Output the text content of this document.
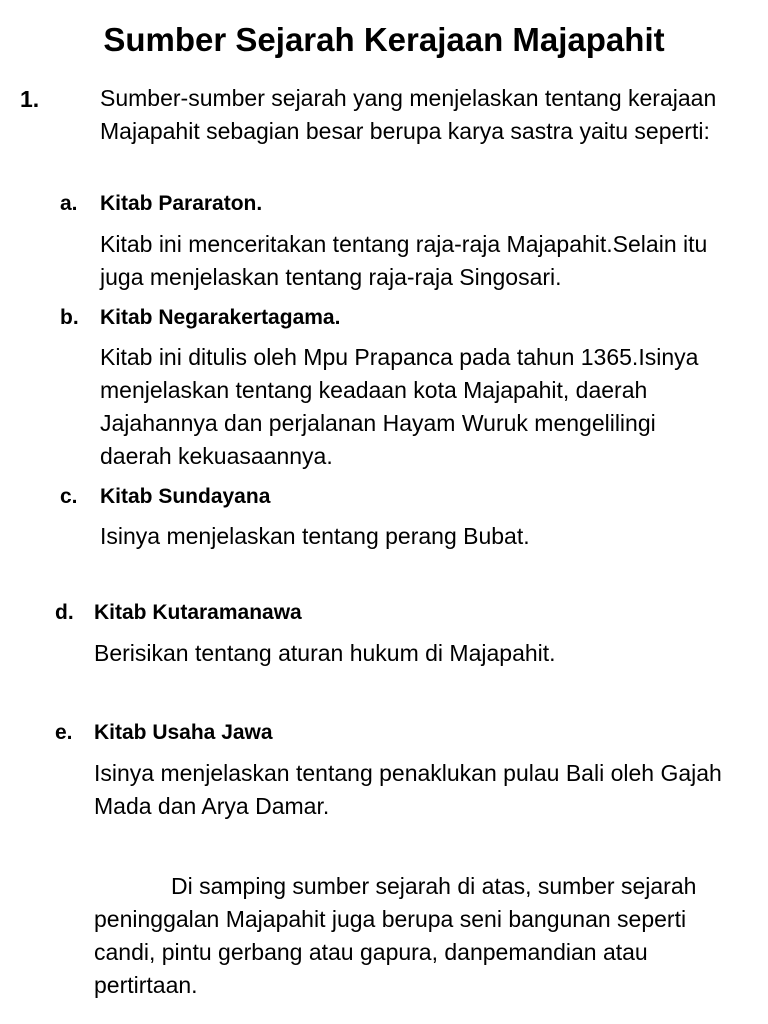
Sumber Sejarah Kerajaan Majapahit
1.	Sumber-sumber sejarah yang menjelaskan tentang kerajaan Majapahit sebagian besar berupa karya sastra yaitu seperti:

a. Kitab Pararaton.

Kitab ini menceritakan tentang raja-raja Majapahit.Selain itu juga menjelaskan tentang raja-raja Singosari.

b. Kitab Negarakertagama.

Kitab ini ditulis oleh Mpu Prapanca pada tahun 1365.Isinya menjelaskan tentang keadaan kota Majapahit, daerah Jajahannya dan perjalanan Hayam Wuruk mengelilingi daerah kekuasaannya.

c. Kitab Sundayana

Isinya menjelaskan tentang perang Bubat.

d. Kitab Kutaramanawa

Berisikan tentang aturan hukum di Majapahit.

e. Kitab Usaha Jawa

Isinya menjelaskan tentang penaklukan pulau Bali oleh Gajah Mada dan Arya Damar.

Di samping sumber sejarah di atas, sumber sejarah peninggalan Majapahit juga berupa seni bangunan seperti candi, pintu gerbang atau gapura, danpemandian atau pertirtaan.
